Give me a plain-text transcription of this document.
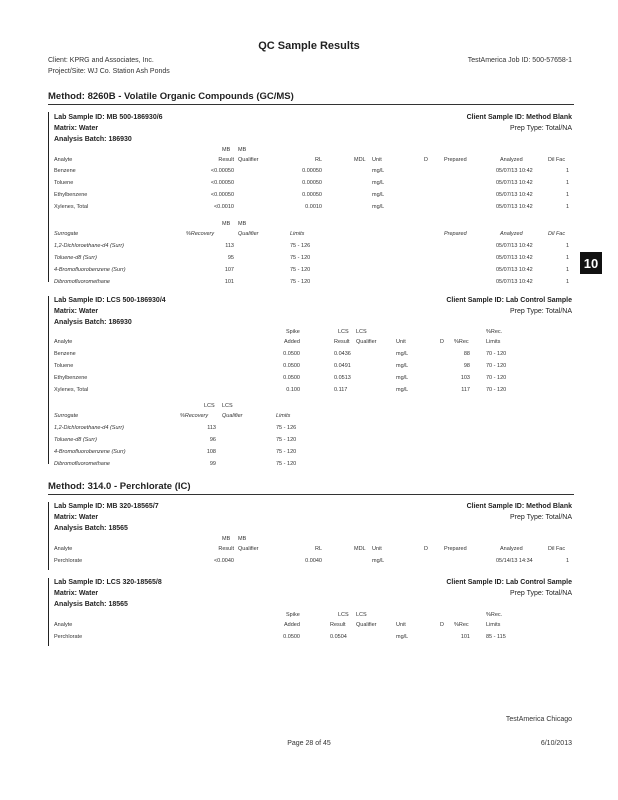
QC Sample Results
Client: KPRG and Associates, Inc.
Project/Site: WJ Co. Station Ash Ponds
TestAmerica Job ID: 500-57658-1
10
Method: 8260B - Volatile Organic Compounds (GC/MS)
Lab Sample ID: MB 500-186930/6	Client Sample ID: Method Blank
Matrix: Water	Prep Type: Total/NA
Analysis Batch: 186930
MB MB
Analyte	Result Qualifier	RL	MDL Unit	D	Prepared	Analyzed	Dil Fac
Benzene	<0.00050	0.00050	mg/L	05/07/13 10:42	1
Toluene	<0.00050	0.00050	mg/L	05/07/13 10:42	1
Ethylbenzene	<0.00050	0.00050	mg/L	05/07/13 10:42	1
Xylenes, Total	<0.0010	0.0010	mg/L	05/07/13 10:42	1
MB MB
Surrogate	%Recovery	Qualifier	Limits	Prepared	Analyzed	Dil Fac
1,2-Dichloroethane-d4 (Surr)	113	75 - 126	05/07/13 10:42	1
Toluene-d8 (Surr)	95	75 - 120	05/07/13 10:42	1
4-Bromofluorobenzene (Surr)	107	75 - 120	05/07/13 10:42	1
Dibromofluoromethane	101	75 - 120	05/07/13 10:42	1
Lab Sample ID: LCS 500-186930/4	Client Sample ID: Lab Control Sample
Matrix: Water	Prep Type: Total/NA
Analysis Batch: 186930
Spike	LCS LCS	%Rec.
Analyte	Added	Result Qualifier	Unit	D %Rec	Limits
Benzene	0.0500	0.0436	mg/L	88	70 - 120
Toluene	0.0500	0.0491	mg/L	98	70 - 120
Ethylbenzene	0.0500	0.0513	mg/L	103	70 - 120
Xylenes, Total	0.100	0.117	mg/L	117	70 - 120
LCS LCS
Surrogate	%Recovery	Qualifier	Limits
1,2-Dichloroethane-d4 (Surr)	113	75 - 126
Toluene-d8 (Surr)	96	75 - 120
4-Bromofluorobenzene (Surr)	108	75 - 120
Dibromofluoromethane	99	75 - 120
Method: 314.0 - Perchlorate (IC)
Lab Sample ID: MB 320-18565/7	Client Sample ID: Method Blank
Matrix: Water	Prep Type: Total/NA
Analysis Batch: 18565
MB MB
Analyte	Result Qualifier	RL	MDL Unit	D	Prepared	Analyzed	Dil Fac
Perchlorate	<0.0040	0.0040	mg/L	05/14/13 14:34	1
Lab Sample ID: LCS 320-18565/8	Client Sample ID: Lab Control Sample
Matrix: Water	Prep Type: Total/NA
Analysis Batch: 18565
Spike	LCS LCS	%Rec.
Analyte	Added	Result Qualifier	Unit	D %Rec	Limits
Perchlorate	0.0500	0.0504	mg/L	101	85 - 115
TestAmerica Chicago
Page 28 of 45	6/10/2013
